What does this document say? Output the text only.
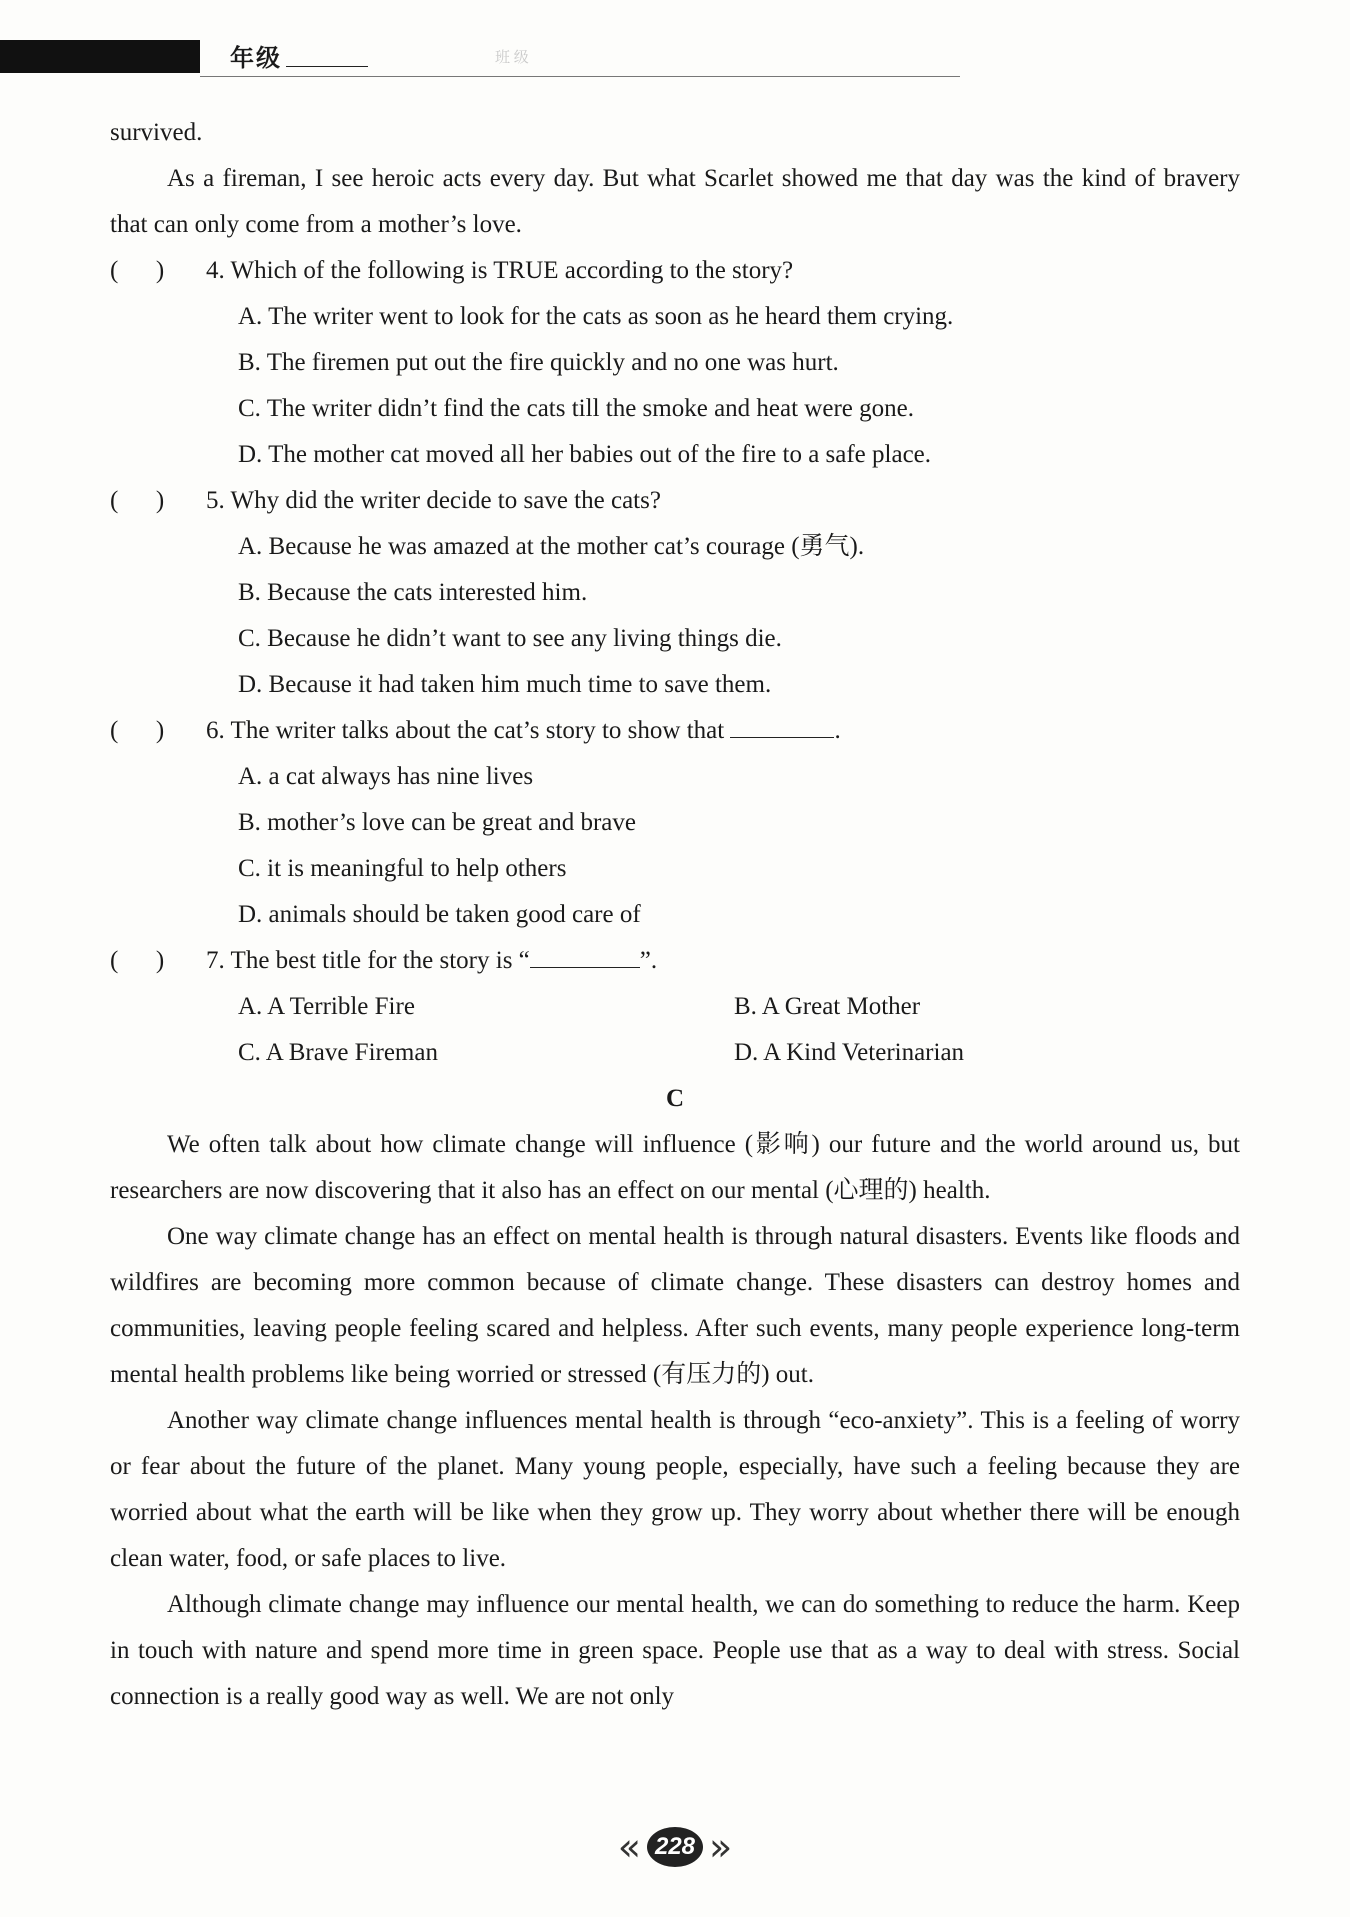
年级	班 级

survived.

As a fireman, I see heroic acts every day. But what Scarlet showed me that day was the kind of bravery that can only come from a mother’s love.

(      )	4. Which of the following is TRUE according to the story?

A. The writer went to look for the cats as soon as he heard them crying.

B. The firemen put out the fire quickly and no one was hurt.

C. The writer didn’t find the cats till the smoke and heat were gone.

D. The mother cat moved all her babies out of the fire to a safe place.

(      )	5. Why did the writer decide to save the cats?

A. Because he was amazed at the mother cat’s courage (勇气).

B. Because the cats interested him.

C. Because he didn’t want to see any living things die.

D. Because it had taken him much time to save them.

(      )	6. The writer talks about the cat’s story to show that	.

A. a cat always has nine lives

B. mother’s love can be great and brave

C. it is meaningful to help others

D. animals should be taken good care of

(      )	7. The best title for the story is “	”.

A. A Terrible Fire	B. A Great Mother
C. A Brave Fireman	D. A Kind Veterinarian

C

We often talk about how climate change will influence (影响) our future and the world around us, but researchers are now discovering that it also has an effect on our mental (心理的) health.

One way climate change has an effect on mental health is through natural disasters. Events like floods and wildfires are becoming more common because of climate change. These disasters can destroy homes and communities, leaving people feeling scared and helpless. After such events, many people experience long-term mental health problems like being worried or stressed (有压力的) out.

Another way climate change influences mental health is through “eco-anxiety”. This is a feeling of worry or fear about the future of the planet. Many young people, especially, have such a feeling because they are worried about what the earth will be like when they grow up. They worry about whether there will be enough clean water, food, or safe places to live.

Although climate change may influence our mental health, we can do something to reduce the harm. Keep in touch with nature and spend more time in green space. People use that as a way to deal with stress. Social connection is a really good way as well. We are not only

« 228 »
